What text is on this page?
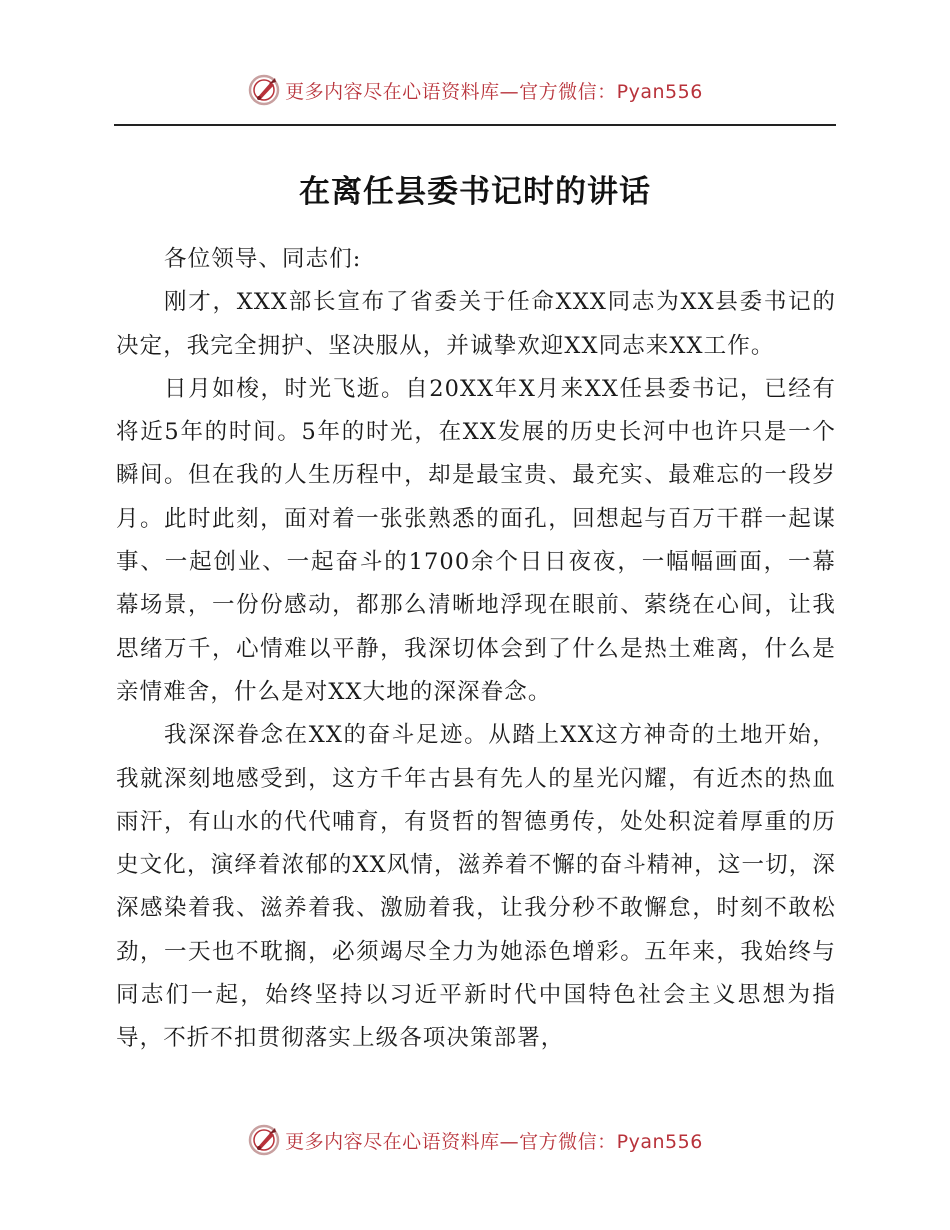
更多内容尽在心语资料库—官方微信：Pyan556
在离任县委书记时的讲话

各位领导、同志们:

刚才，XXX部长宣布了省委关于任命XXX同志为XX县委书记的决定，我完全拥护、坚决服从，并诚挚欢迎XX同志来XX工作。

日月如梭，时光飞逝。自20XX年X月来XX任县委书记，已经有将近5年的时间。5年的时光，在XX发展的历史长河中也许只是一个瞬间。但在我的人生历程中，却是最宝贵、最充实、最难忘的一段岁月。此时此刻，面对着一张张熟悉的面孔，回想起与百万干群一起谋事、一起创业、一起奋斗的1700余个日日夜夜，一幅幅画面，一幕幕场景，一份份感动，都那么清晰地浮现在眼前、萦绕在心间，让我思绪万千，心情难以平静，我深切体会到了什么是热土难离，什么是亲情难舍，什么是对XX大地的深深眷念。

我深深眷念在XX的奋斗足迹。从踏上XX这方神奇的土地开始，我就深刻地感受到，这方千年古县有先人的星光闪耀，有近杰的热血雨汗，有山水的代代哺育，有贤哲的智德勇传，处处积淀着厚重的历史文化，演绎着浓郁的XX风情，滋养着不懈的奋斗精神，这一切，深深感染着我、滋养着我、激励着我，让我分秒不敢懈怠，时刻不敢松劲，一天也不耽搁，必须竭尽全力为她添色增彩。五年来，我始终与同志们一起，始终坚持以习近平新时代中国特色社会主义思想为指导，不折不扣贯彻落实上级各项决策部署，

更多内容尽在心语资料库—官方微信：Pyan556
